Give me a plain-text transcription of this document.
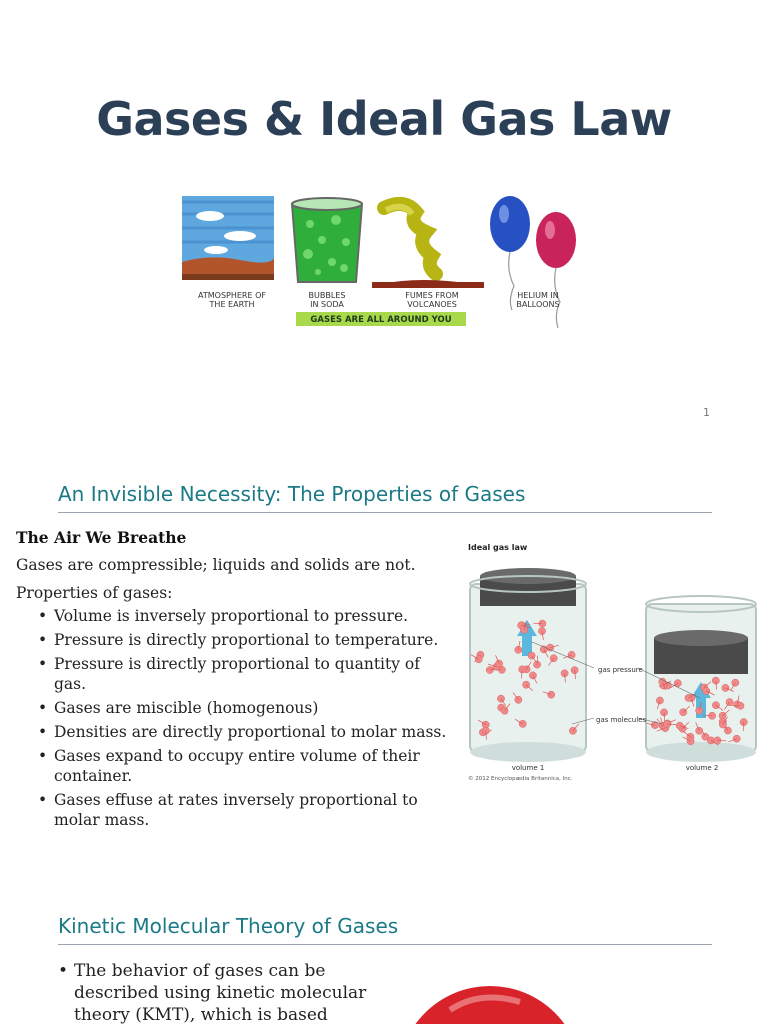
Gases & Ideal Gas Law
ATMOSPHERE OF
THE EARTH
BUBBLES
IN SODA
FUMES FROM
VOLCANOES
HELIUM IN
BALLOONS
GASES ARE ALL AROUND YOU
1
An Invisible Necessity: The Properties of Gases
The Air We Breathe
Gases are compressible; liquids and solids are not.
Properties of gases:
• Volume is inversely proportional to pressure.
• Pressure is directly proportional to temperature.
• Pressure is directly proportional to quantity of gas.
• Gases are miscible (homogenous)
• Densities are directly proportional to molar mass.
• Gases expand to occupy entire volume of their container.
• Gases effuse at rates inversely proportional to molar mass.
Ideal gas law
gas pressure
gas molecules
volume 1	volume 2
© 2012 Encyclopædia Britannica, Inc.
Kinetic Molecular Theory of Gases
• The behavior of gases can be
described using kinetic molecular
theory (KMT), which is based
